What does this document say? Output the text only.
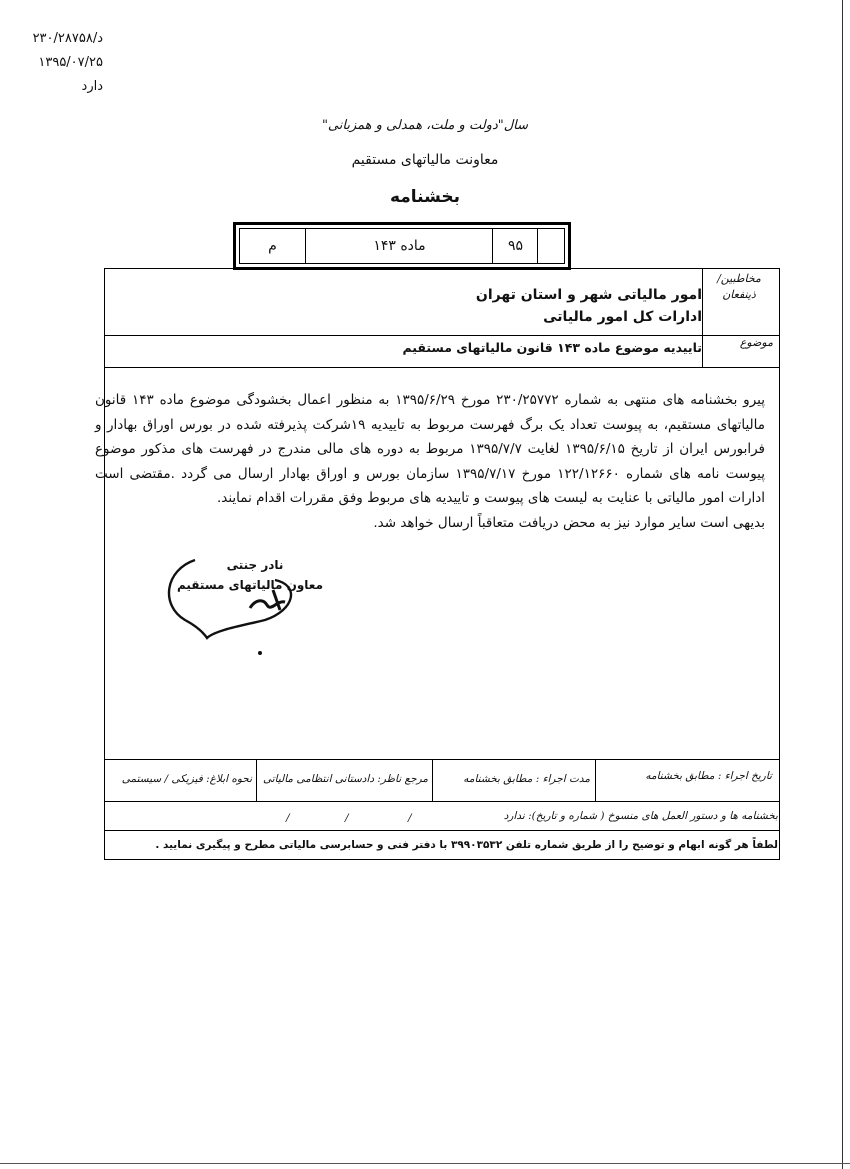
د/۲۳۰/۲۸۷۵۸
۱۳۹۵/۰۷/۲۵
دارد
سال"دولت و ملت، همدلی و همزبانی"
معاونت مالیاتهای مستقیم
بخشنامه
م	ماده ۱۴۳	۹۵
مخاطبین/ ذینفعان
امور مالیاتی شهر و استان تهران
ادارات کل امور مالیاتی
موضوع
تاییدیه موضوع ماده ۱۴۳ قانون مالیاتهای مستقیم

پیرو بخشنامه های منتهی به شماره ۲۳۰/۲۵۷۷۲ مورخ ۱۳۹۵/۶/۲۹ به منظور اعمال بخشودگی موضوع ماده ۱۴۳ قانون مالیاتهای مستقیم، به پیوست تعداد یک برگ فهرست مربوط به تاییدیه ۱۹شرکت پذیرفته شده در بورس اوراق بهادار و فرابورس ایران از تاریخ ۱۳۹۵/۶/۱۵ لغایت ۱۳۹۵/۷/۷ مربوط به دوره های مالی مندرج در فهرست های مذکور موضوع پیوست نامه های شماره ۱۲۲/۱۲۶۶۰ مورخ ۱۳۹۵/۷/۱۷ سازمان بورس و اوراق بهادار ارسال می گردد .مقتضی است ادارات امور مالیاتی با عنایت به لیست های پیوست و تاییدیه های مربوط وفق مقررات اقدام نمایند.

بدیهی است سایر موارد نیز به محض دریافت متعاقباً ارسال خواهد شد.

نادر جنتی
معاون مالیاتهای مستقیم
تاریخ اجراء : مطابق بخشنامه
مدت اجراء : مطابق بخشنامه
مرجع ناظر: دادستانی انتظامی مالیاتی
نحوه ابلاغ: فیزیکی / سیستمی
بخشنامه ها و دستور العمل های منسوخ ( شماره و تاریخ): ندارد
/
/
/
لطفاً هر گونه ابهام و توضیح را از طریق شماره تلفن ۳۹۹۰۳۵۳۲ با دفتر فنی و حسابرسی مالیاتی مطرح و پیگیری نمایید .
